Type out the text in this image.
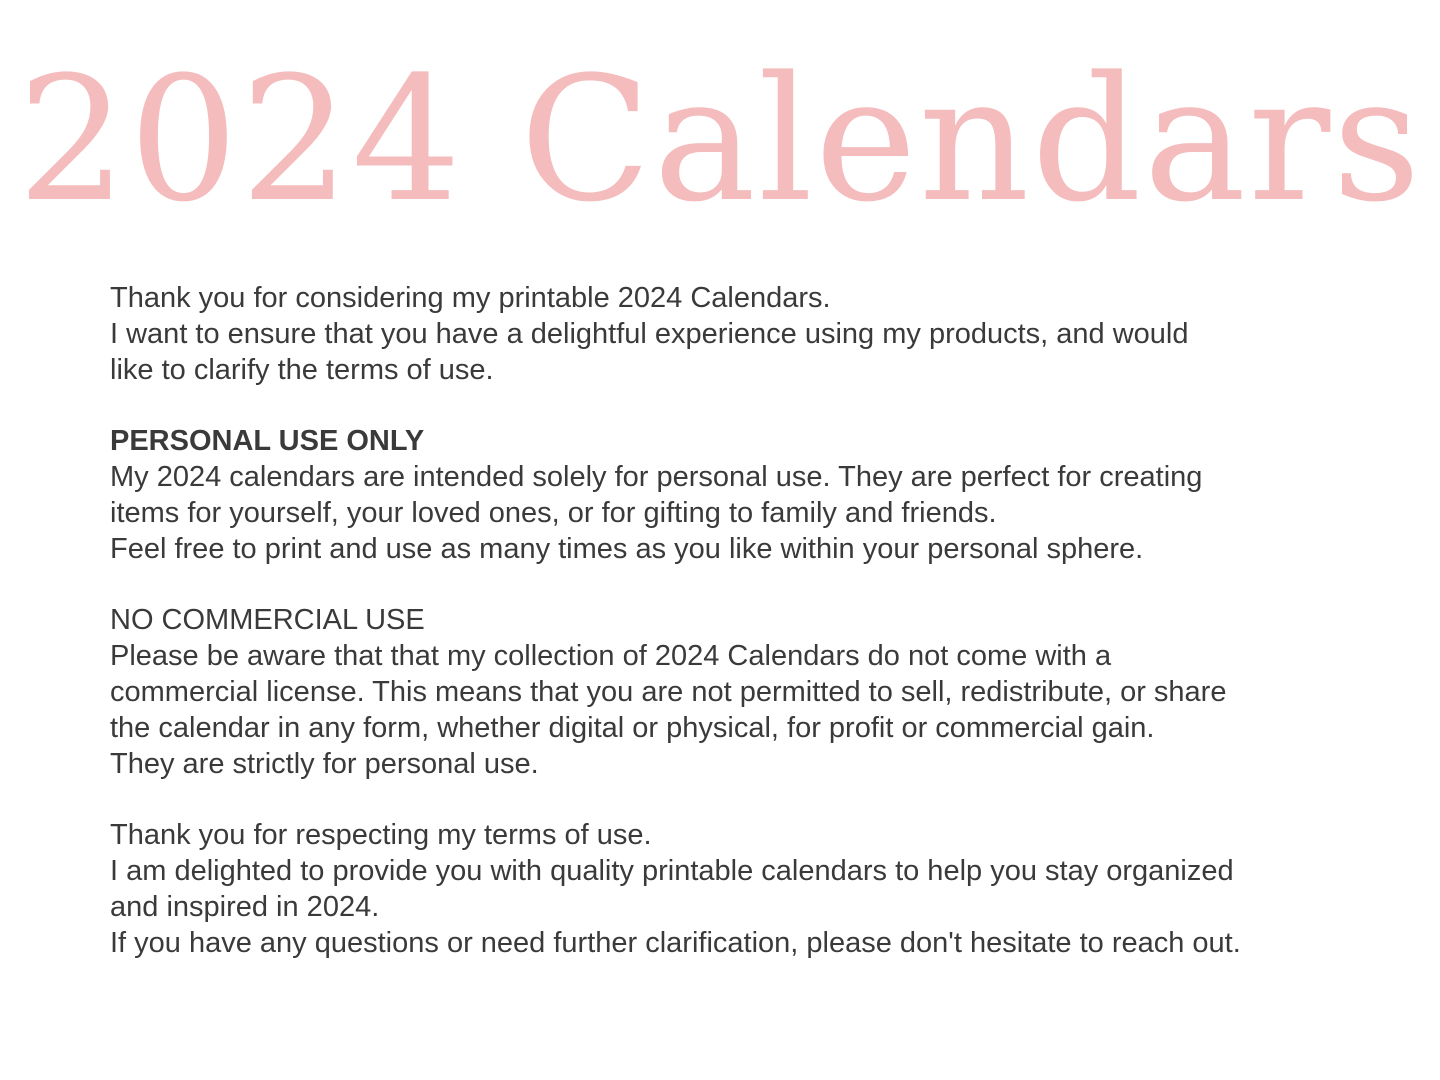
2024 Calendars
Thank you for considering my printable 2024 Calendars.
I want to ensure that you have a delightful experience using my products, and would
like to clarify the terms of use.
PERSONAL USE ONLY
My 2024 calendars are intended solely for personal use. They are perfect for creating
items for yourself, your loved ones, or for gifting to family and friends.
Feel free to print and use as many times as you like within your personal sphere.
NO COMMERCIAL USE
Please be aware that that my collection of 2024 Calendars do not come with a
commercial license. This means that you are not permitted to sell, redistribute, or share
the calendar in any form, whether digital or physical, for profit or commercial gain.
They are strictly for personal use.
Thank you for respecting my terms of use.
I am delighted to provide you with quality printable calendars to help you stay organized
and inspired in 2024.
If you have any questions or need further clarification, please don't hesitate to reach out.
